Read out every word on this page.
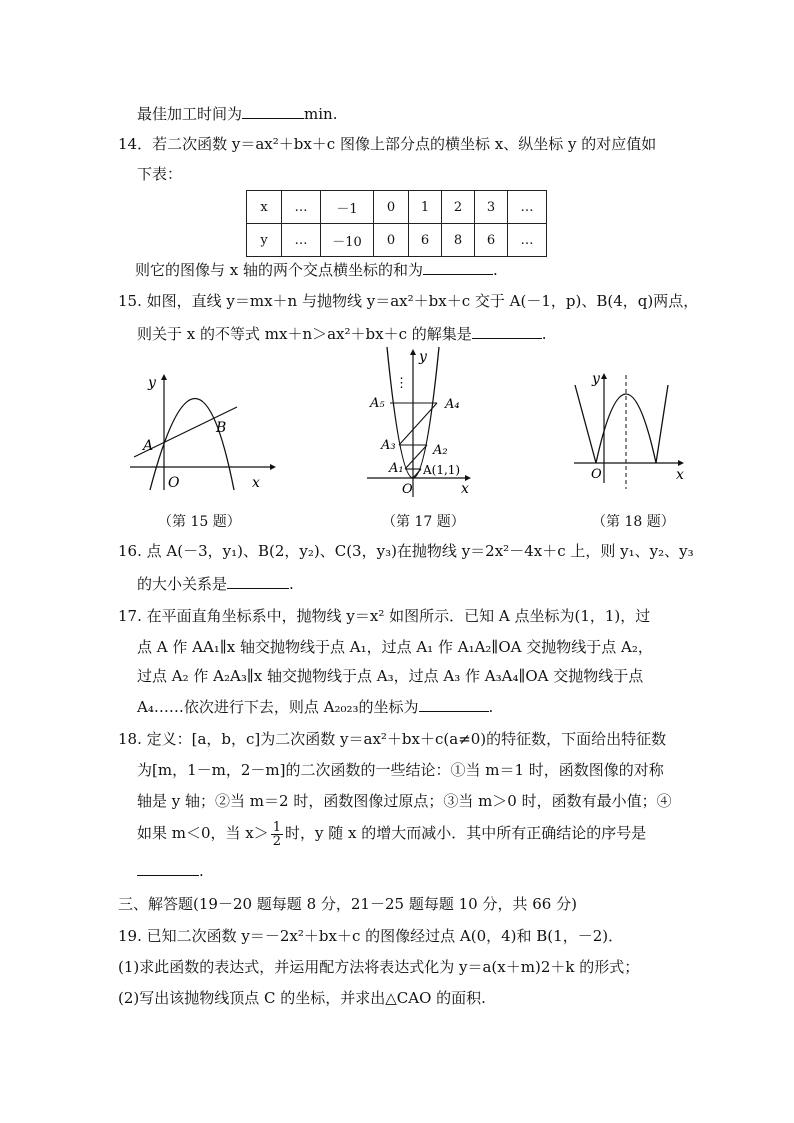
最佳加工时间为	min.
14．若二次函数 y＝ax²＋bx＋c 图像上部分点的横坐标 x、纵坐标 y 的对应值如
下表：
x	…	－1	0	1	2	3	…
y	…	－10	0	6	8	6	…
则它的图像与 x 轴的两个交点横坐标的和为	.
15. 如图，直线 y＝mx＋n 与抛物线 y＝ax²＋bx＋c 交于 A(－1，p)、B(4，q)两点，
则关于 x 的不等式 mx＋n＞ax²＋bx＋c 的解集是	.
y
x
O
A
B
（第 15 题）
⋮
y
x
O
A₅	A₄
A₃	A₂
A₁ A(1,1)
（第 17 题）
y
x
O
（第 18 题）
16. 点 A(－3，y₁)、B(2，y₂)、C(3，y₃)在抛物线 y＝2x²－4x＋c 上，则 y₁、y₂、y₃
的大小关系是	.
17. 在平面直角坐标系中，抛物线 y＝x² 如图所示．已知 A 点坐标为(1，1)，过
点 A 作 AA₁∥x 轴交抛物线于点 A₁，过点 A₁ 作 A₁A₂∥OA 交抛物线于点 A₂，
过点 A₂ 作 A₂A₃∥x 轴交抛物线于点 A₃，过点 A₃ 作 A₃A₄∥OA 交抛物线于点
A₄……依次进行下去，则点 A₂₀₂₃的坐标为	.
18. 定义：[a，b，c]为二次函数 y＝ax²＋bx＋c(a≠0)的特征数，下面给出特征数
为[m，1－m，2－m]的二次函数的一些结论：①当 m＝1 时，函数图像的对称
轴是 y 轴；②当 m＝2 时，函数图像过原点；③当 m＞0 时，函数有最小值；④
如果 m＜0，当 $x> \frac{1}{2}$ 时，y 随 x 的增大而减小．其中所有正确结论的序号是
.
三、解答题(19－20 题每题 8 分，21－25 题每题 10 分，共 66 分)
19. 已知二次函数 y＝－2x²＋bx＋c 的图像经过点 A(0，4)和 B(1，－2)．
(1)求此函数的表达式，并运用配方法将表达式化为 y＝a(x＋m)2＋k 的形式；
(2)写出该抛物线顶点 C 的坐标，并求出△CAO 的面积.
